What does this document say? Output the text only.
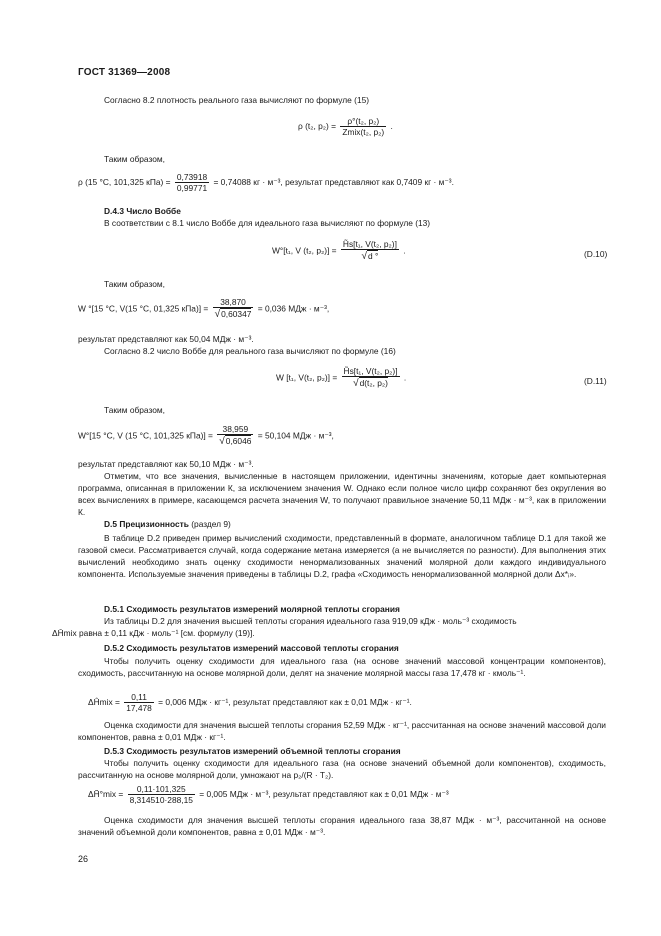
ГОСТ 31369—2008

Согласно 8.2 плотность реального газа вычисляют по формуле (15)

ρ (t₂, $p_2) = \frac{\text{ρ°(t₂, p₂)}}{\text{Zmix(t₂, p₂)}}$ .

Таким образом,

ρ (15 °С, 101,325 $кПа) = \frac{0,73918}{0,99771} = 0,74088$ кг · м⁻³, результат представляют как 0,7409 кг · м⁻³.

D.4.3 Число Воббе

В соответствии с 8.1 число Воббе для идеального газа вычисляют по формуле (13)

W°[t₁, V (t₂, $p_2)] = \frac{\text{H̃s[t₁, V(t₂, p₂)]}}{√d ^\circ}$ .	(D.10)

Таким образом,

W °[15 °С, V(15 °С, 01,325 $кПа)] = \frac{38,870}{√0,60347} = 0,036$ МДж · м⁻³,

результат представляют как 50,04 МДж · м⁻³.

Согласно 8.2 число Воббе для реального газа вычисляют по формуле (16)

W [t₁, V(t₂, $p_2)] = \frac{\text{H̃s[t₁, V(t₂, p₂)]}}{\text{√d(t₂, p₂)}}$ .	(D.11)

Таким образом,

W°[15 °С, V (15 °С, 101,325 $кПа)] = \frac{38,959}{√0,6046} = 50,104$ МДж · м⁻³,

результат представляют как 50,10 МДж · м⁻³.

Отметим, что все значения, вычисленные в настоящем приложении, идентичны значениям, которые дает компьютерная программа, описанная в приложении К, за исключением значения W. Однако если полное число цифр сохраняют без округления во всех вычислениях в примере, касающемся расчета значения W, то получают правильное значение 50,11 МДж · м⁻³, как в приложении К.

D.5 Прецизионность (раздел 9)

В таблице D.2 приведен пример вычислений сходимости, представленный в формате, аналогичном таблице D.1 для такой же газовой смеси. Рассматривается случай, когда содержание метана измеряется (а не вычисляется по разности). Для выполнения этих вычислений необходимо знать оценку сходимости ненормализованных значений молярной доли каждого индивидуального компонента. Используемые значения приведены в таблицы D.2, графа «Сходимость ненормализованной молярной доли Δx*ᵢ».

D.5.1 Сходимость результатов измерений молярной теплоты сгорания

Из таблицы D.2 для значения высшей теплоты сгорания идеального газа 919,09 кДж · моль⁻³ сходимость
ΔH̄mix равна ± 0,11 кДж · моль⁻¹ [см. формулу (19)].

D.5.2 Сходимость результатов измерений массовой теплоты сгорания

Чтобы получить оценку сходимости для идеального газа (на основе значений массовой концентрации компонентов), сходимость, рассчитанную на основе молярной доли, делят на значение молярной массы газа 17,478 кг · кмоль⁻¹.

ΔĤmix = $\frac{0,11}{17,478} = 0,006$ МДж · кг⁻¹, результат представляют как ± 0,01 МДж · кг⁻¹.

Оценка сходимости для значения высшей теплоты сгорания 52,59 МДж · кг⁻¹, рассчитанная на основе значений массовой доли компонентов, равна ± 0,01 МДж · кг⁻¹.

D.5.3 Сходимость результатов измерений объемной теплоты сгорания

Чтобы получить оценку сходимости для идеального газа (на основе значений объемной доли компонентов), сходимость, рассчитанную на основе молярной доли, умножают на p₂/(R · T₂).

ΔH̃°mix = $\frac{0,11\cdot 101,325}{8,314510\cdot 288,15} = 0,005$ МДж · м⁻³, результат представляют как ± 0,01 МДж · м⁻³

Оценка сходимости для значения высшей теплоты сгорания идеального газа 38,87 МДж · м⁻³, рассчитанной на основе значений объемной доли компонентов, равна ± 0,01 МДж · м⁻³.

26
